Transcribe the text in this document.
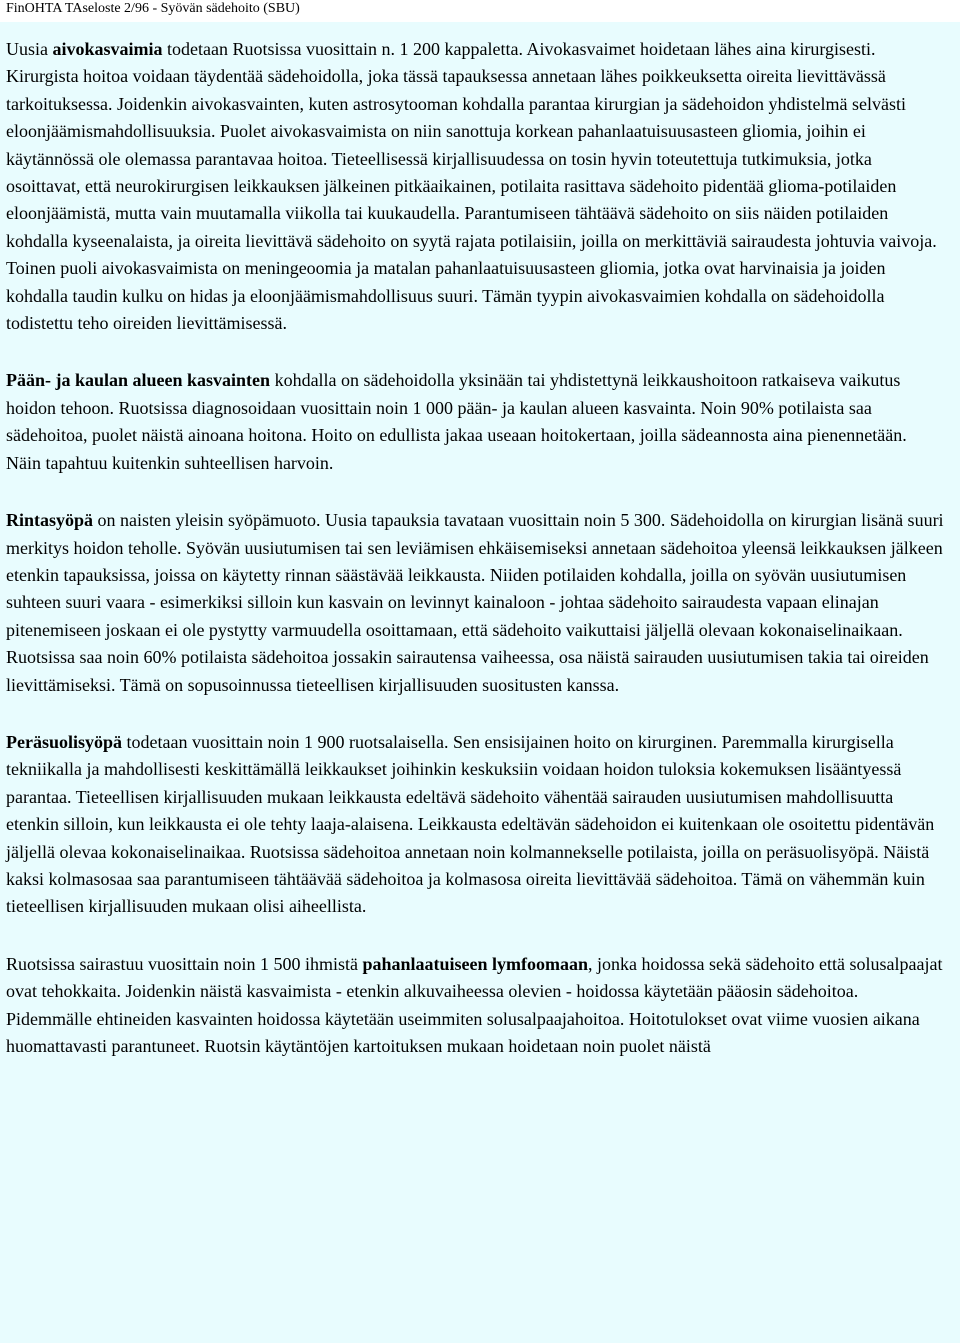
FinOHTA TAseloste 2/96 - Syövän sädehoito (SBU)

Uusia aivokasvaimia todetaan Ruotsissa vuosittain n. 1 200 kappaletta. Aivokasvaimet hoidetaan lähes aina kirurgisesti. Kirurgista hoitoa voidaan täydentää sädehoidolla, joka tässä tapauksessa annetaan lähes poikkeuksetta oireita lievittävässä tarkoituksessa. Joidenkin aivokasvainten, kuten astrosytooman kohdalla parantaa kirurgian ja sädehoidon yhdistelmä selvästi eloonjäämismahdollisuuksia. Puolet aivokasvaimista on niin sanottuja korkean pahanlaatuisuusasteen gliomia, joihin ei käytännössä ole olemassa parantavaa hoitoa. Tieteellisessä kirjallisuudessa on tosin hyvin toteutettuja tutkimuksia, jotka osoittavat, että neurokirurgisen leikkauksen jälkeinen pitkäaikainen, potilaita rasittava sädehoito pidentää glioma-potilaiden eloonjäämistä, mutta vain muutamalla viikolla tai kuukaudella. Parantumiseen tähtäävä sädehoito on siis näiden potilaiden kohdalla kyseenalaista, ja oireita lievittävä sädehoito on syytä rajata potilaisiin, joilla on merkittäviä sairaudesta johtuvia vaivoja. Toinen puoli aivokasvaimista on meningeoomia ja matalan pahanlaatuisuusasteen gliomia, jotka ovat harvinaisia ja joiden kohdalla taudin kulku on hidas ja eloonjäämismahdollisuus suuri. Tämän tyypin aivokasvaimien kohdalla on sädehoidolla todistettu teho oireiden lievittämisessä.

Pään- ja kaulan alueen kasvainten kohdalla on sädehoidolla yksinään tai yhdistettynä leikkaushoitoon ratkaiseva vaikutus hoidon tehoon. Ruotsissa diagnosoidaan vuosittain noin 1 000 pään- ja kaulan alueen kasvainta. Noin 90% potilaista saa sädehoitoa, puolet näistä ainoana hoitona. Hoito on edullista jakaa useaan hoitokertaan, joilla sädeannosta aina pienennetään. Näin tapahtuu kuitenkin suhteellisen harvoin.

Rintasyöpä on naisten yleisin syöpämuoto. Uusia tapauksia tavataan vuosittain noin 5 300. Sädehoidolla on kirurgian lisänä suuri merkitys hoidon teholle. Syövän uusiutumisen tai sen leviämisen ehkäisemiseksi annetaan sädehoitoa yleensä leikkauksen jälkeen etenkin tapauksissa, joissa on käytetty rinnan säästävää leikkausta. Niiden potilaiden kohdalla, joilla on syövän uusiutumisen suhteen suuri vaara - esimerkiksi silloin kun kasvain on levinnyt kainaloon - johtaa sädehoito sairaudesta vapaan elinajan pitenemiseen joskaan ei ole pystytty varmuudella osoittamaan, että sädehoito vaikuttaisi jäljellä olevaan kokonaiselinaikaan. Ruotsissa saa noin 60% potilaista sädehoitoa jossakin sairautensa vaiheessa, osa näistä sairauden uusiutumisen takia tai oireiden lievittämiseksi. Tämä on sopusoinnussa tieteellisen kirjallisuuden suositusten kanssa.

Peräsuolisyöpä todetaan vuosittain noin 1 900 ruotsalaisella. Sen ensisijainen hoito on kirurginen. Paremmalla kirurgisella tekniikalla ja mahdollisesti keskittämällä leikkaukset joihinkin keskuksiin voidaan hoidon tuloksia kokemuksen lisääntyessä parantaa. Tieteellisen kirjallisuuden mukaan leikkausta edeltävä sädehoito vähentää sairauden uusiutumisen mahdollisuutta etenkin silloin, kun leikkausta ei ole tehty laaja-alaisena. Leikkausta edeltävän sädehoidon ei kuitenkaan ole osoitettu pidentävän jäljellä olevaa kokonaiselinaikaa. Ruotsissa sädehoitoa annetaan noin kolmannekselle potilaista, joilla on peräsuolisyöpä. Näistä kaksi kolmasosaa saa parantumiseen tähtäävää sädehoitoa ja kolmasosa oireita lievittävää sädehoitoa. Tämä on vähemmän kuin tieteellisen kirjallisuuden mukaan olisi aiheellista.

Ruotsissa sairastuu vuosittain noin 1 500 ihmistä pahanlaatuiseen lymfoomaan, jonka hoidossa sekä sädehoito että solusalpaajat ovat tehokkaita. Joidenkin näistä kasvaimista - etenkin alkuvaiheessa olevien - hoidossa käytetään pääosin sädehoitoa. Pidemmälle ehtineiden kasvainten hoidossa käytetään useimmiten solusalpaajahoitoa. Hoitotulokset ovat viime vuosien aikana huomattavasti parantuneet. Ruotsin käytäntöjen kartoituksen mukaan hoidetaan noin puolet näistä
